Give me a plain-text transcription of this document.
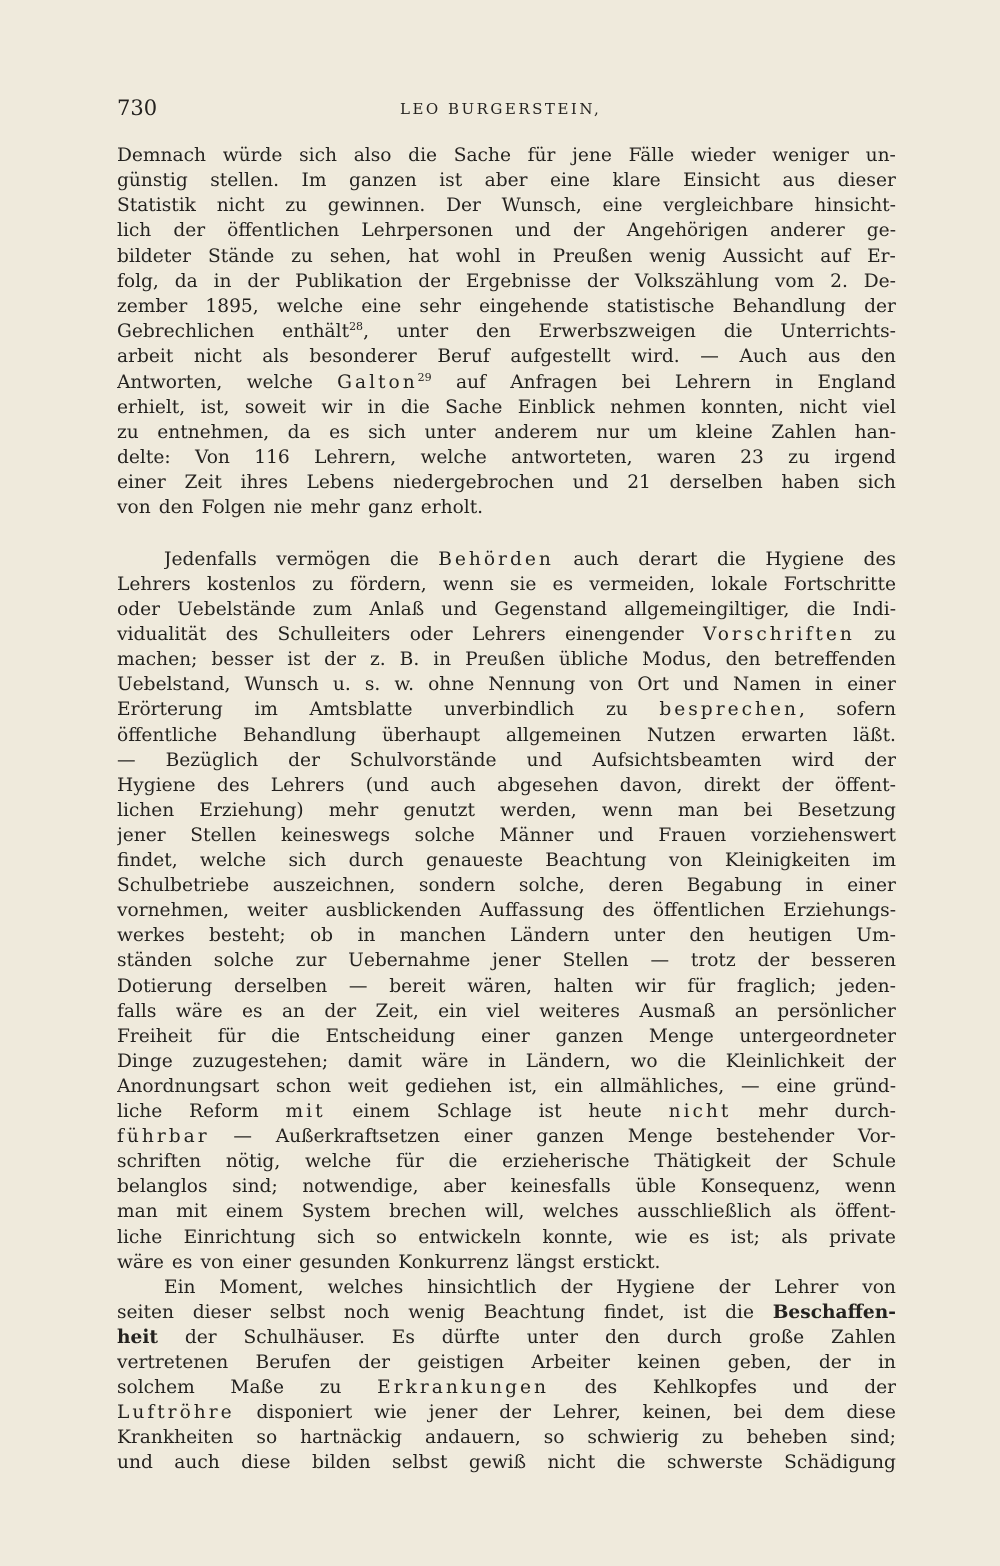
730	LEO BURGERSTEIN,
Demnach würde sich also die Sache für jene Fälle wieder weniger un-
günstig stellen. Im ganzen ist aber eine klare Einsicht aus dieser
Statistik nicht zu gewinnen. Der Wunsch, eine vergleichbare hinsicht-
lich der öffentlichen Lehrpersonen und der Angehörigen anderer ge-
bildeter Stände zu sehen, hat wohl in Preußen wenig Aussicht auf Er-
folg, da in der Publikation der Ergebnisse der Volkszählung vom 2. De-
zember 1895, welche eine sehr eingehende statistische Behandlung der
Gebrechlichen enthält$^{28}$, unter den Erwerbszweigen die Unterrichts-
arbeit nicht als besonderer Beruf aufgestellt wird. — Auch aus den
Antworten, welche Galton$^{29}$ auf Anfragen bei Lehrern in England
erhielt, ist, soweit wir in die Sache Einblick nehmen konnten, nicht viel
zu entnehmen, da es sich unter anderem nur um kleine Zahlen han-
delte: Von 116 Lehrern, welche antworteten, waren 23 zu irgend
einer Zeit ihres Lebens niedergebrochen und 21 derselben haben sich
von den Folgen nie mehr ganz erholt.
Jedenfalls vermögen die Behörden auch derart die Hygiene des
Lehrers kostenlos zu fördern, wenn sie es vermeiden, lokale Fortschritte
oder Uebelstände zum Anlaß und Gegenstand allgemeingiltiger, die Indi-
vidualität des Schulleiters oder Lehrers einengender Vorschriften zu
machen; besser ist der z. B. in Preußen übliche Modus, den betreffenden
Uebelstand, Wunsch u. s. w. ohne Nennung von Ort und Namen in einer
Erörterung im Amtsblatte unverbindlich zu besprechen, sofern
öffentliche Behandlung überhaupt allgemeinen Nutzen erwarten läßt.
— Bezüglich der Schulvorstände und Aufsichtsbeamten wird der
Hygiene des Lehrers (und auch abgesehen davon, direkt der öffent-
lichen Erziehung) mehr genutzt werden, wenn man bei Besetzung
jener Stellen keineswegs solche Männer und Frauen vorziehenswert
findet, welche sich durch genaueste Beachtung von Kleinigkeiten im
Schulbetriebe auszeichnen, sondern solche, deren Begabung in einer
vornehmen, weiter ausblickenden Auffassung des öffentlichen Erziehungs-
werkes besteht; ob in manchen Ländern unter den heutigen Um-
ständen solche zur Uebernahme jener Stellen — trotz der besseren
Dotierung derselben — bereit wären, halten wir für fraglich; jeden-
falls wäre es an der Zeit, ein viel weiteres Ausmaß an persönlicher
Freiheit für die Entscheidung einer ganzen Menge untergeordneter
Dinge zuzugestehen; damit wäre in Ländern, wo die Kleinlichkeit der
Anordnungsart schon weit gediehen ist, ein allmähliches, — eine gründ-
liche Reform mit einem Schlage ist heute nicht mehr durch-
führbar — Außerkraftsetzen einer ganzen Menge bestehender Vor-
schriften nötig, welche für die erzieherische Thätigkeit der Schule
belanglos sind; notwendige, aber keinesfalls üble Konsequenz, wenn
man mit einem System brechen will, welches ausschließlich als öffent-
liche Einrichtung sich so entwickeln konnte, wie es ist; als private
wäre es von einer gesunden Konkurrenz längst erstickt.
Ein Moment, welches hinsichtlich der Hygiene der Lehrer von
seiten dieser selbst noch wenig Beachtung findet, ist die Beschaffen-
heit der Schulhäuser. Es dürfte unter den durch große Zahlen
vertretenen Berufen der geistigen Arbeiter keinen geben, der in
solchem Maße zu Erkrankungen des Kehlkopfes und der
Luftröhre disponiert wie jener der Lehrer, keinen, bei dem diese
Krankheiten so hartnäckig andauern, so schwierig zu beheben sind;
und auch diese bilden selbst gewiß nicht die schwerste Schädigung
